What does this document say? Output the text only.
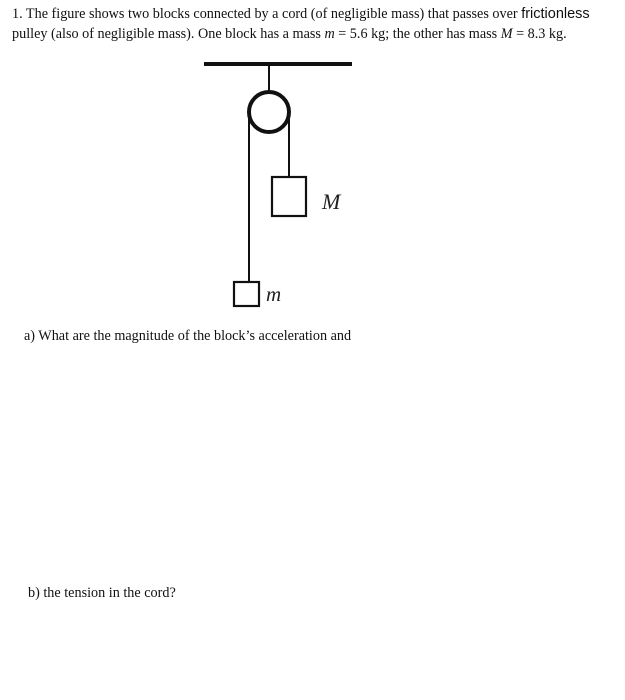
1. The figure shows two blocks connected by a cord (of negligible mass) that passes over frictionless
pulley (also of negligible mass). One block has a mass m = 5.6 kg; the other has mass M = 8.3 kg.
M
m
a) What are the magnitude of the block’s acceleration and
b) the tension in the cord?
